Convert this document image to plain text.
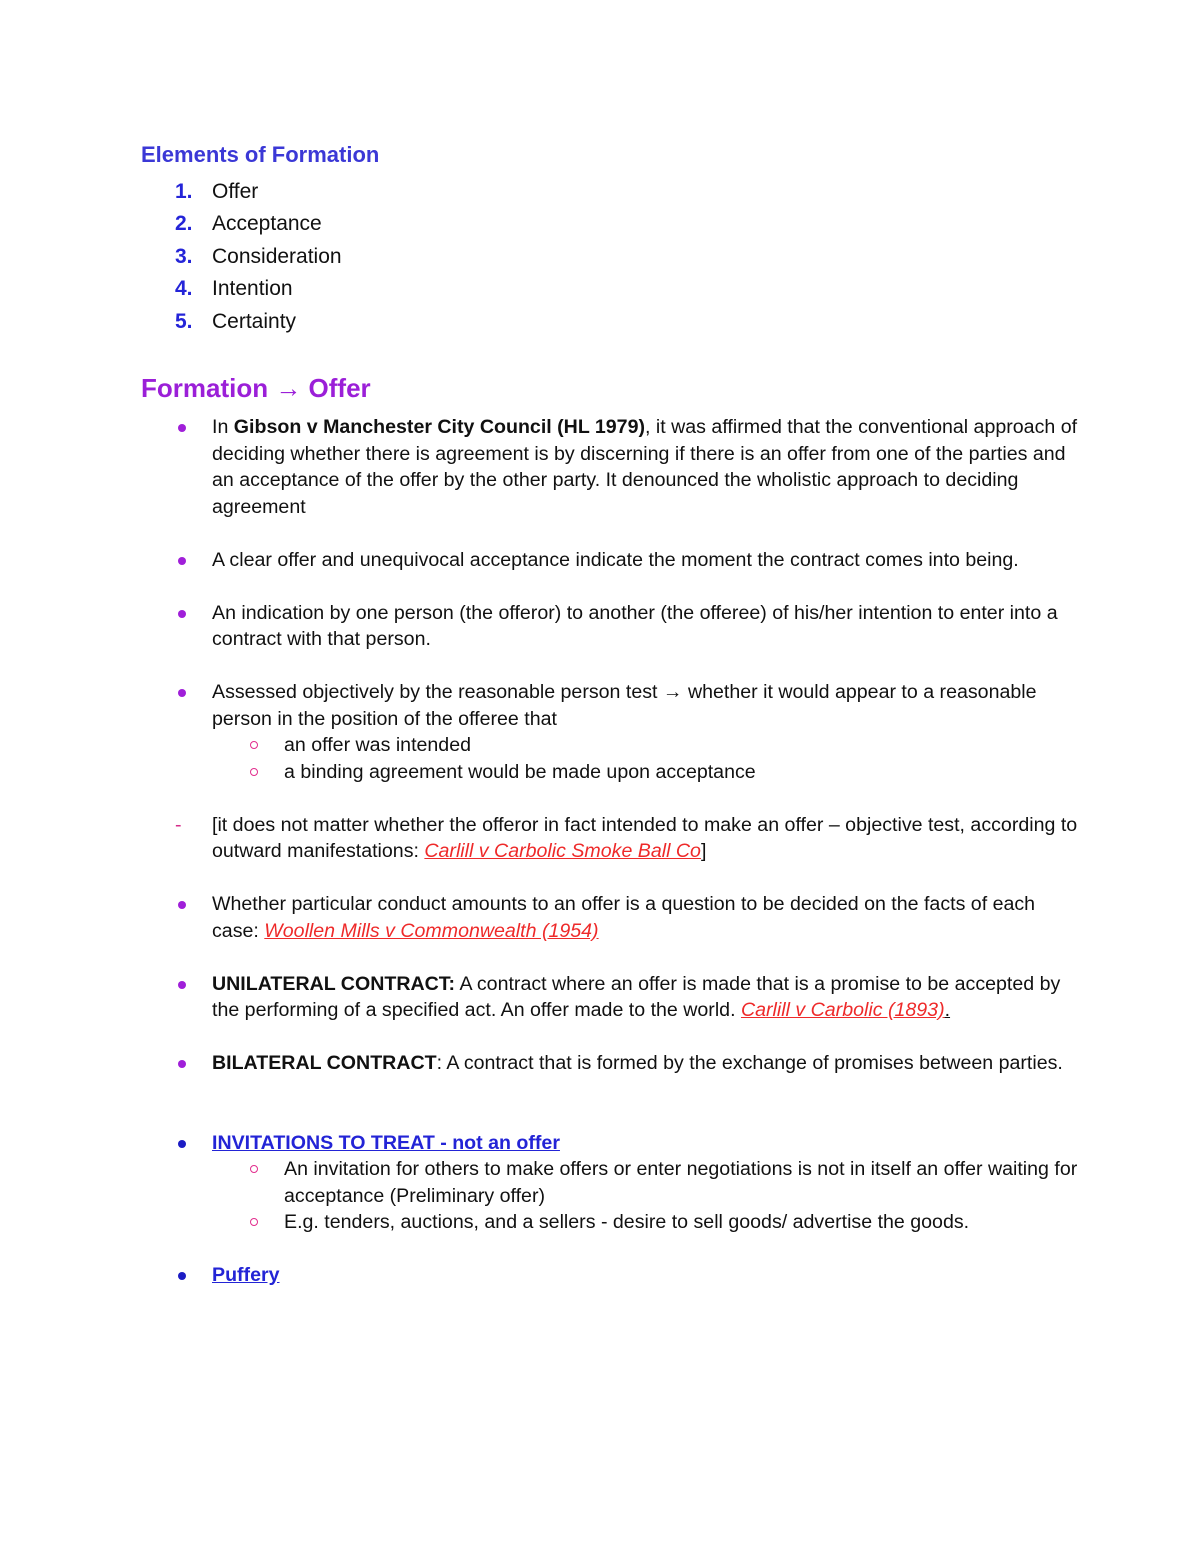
Elements of Formation
1. Offer
2. Acceptance
3. Consideration
4. Intention
5. Certainty
Formation → Offer
In Gibson v Manchester City Council (HL 1979), it was affirmed that the conventional approach of deciding whether there is agreement is by discerning if there is an offer from one of the parties and an acceptance of the offer by the other party. It denounced the wholistic approach to deciding agreement
A clear offer and unequivocal acceptance indicate the moment the contract comes into being.
An indication by one person (the offeror) to another (the offeree) of his/her intention to enter into a contract with that person.
Assessed objectively by the reasonable person test → whether it would appear to a reasonable person in the position of the offeree that
an offer was intended
a binding agreement would be made upon acceptance
- [it does not matter whether the offeror in fact intended to make an offer – objective test, according to outward manifestations: Carlill v Carbolic Smoke Ball Co]
Whether particular conduct amounts to an offer is a question to be decided on the facts of each case: Woollen Mills v Commonwealth (1954)
UNILATERAL CONTRACT: A contract where an offer is made that is a promise to be accepted by the performing of a specified act. An offer made to the world. Carlill v Carbolic (1893).
BILATERAL CONTRACT: A contract that is formed by the exchange of promises between parties.
INVITATIONS TO TREAT - not an offer
An invitation for others to make offers or enter negotiations is not in itself an offer waiting for acceptance (Preliminary offer)
E.g. tenders, auctions, and a sellers - desire to sell goods/ advertise the goods.
Puffery
